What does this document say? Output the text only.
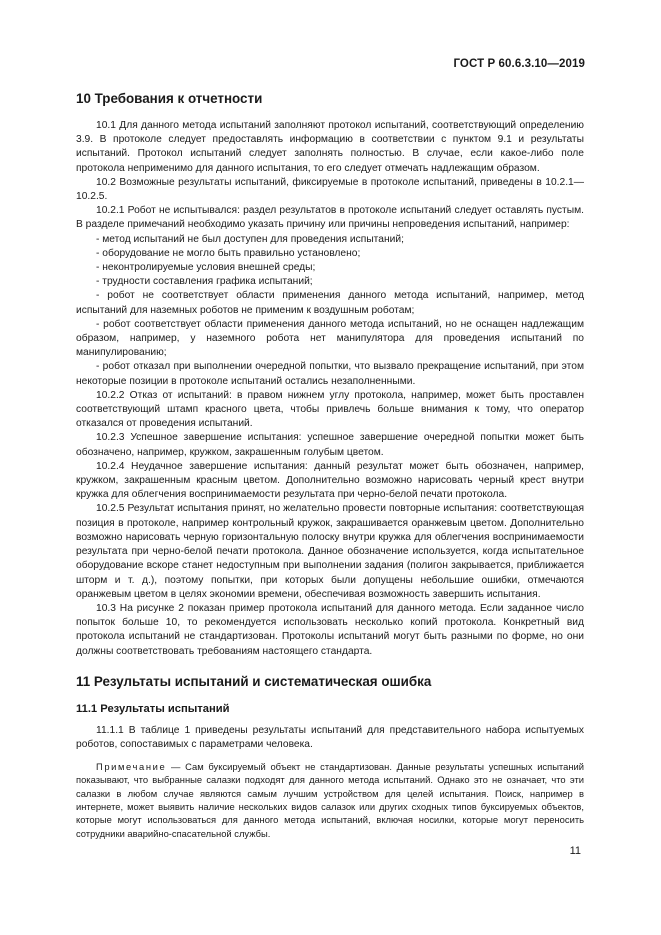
ГОСТ Р 60.6.3.10—2019
10 Требования к отчетности

10.1 Для данного метода испытаний заполняют протокол испытаний, соответствующий определению 3.9. В протоколе следует предоставлять информацию в соответствии с пунктом 9.1 и результаты испытаний. Протокол испытаний следует заполнять полностью. В случае, если какое-либо поле протокола неприменимо для данного испытания, то его следует отмечать надлежащим образом.

10.2 Возможные результаты испытаний, фиксируемые в протоколе испытаний, приведены в 10.2.1—10.2.5.

10.2.1 Робот не испытывался: раздел результатов в протоколе испытаний следует оставлять пустым. В разделе примечаний необходимо указать причину или причины непроведения испытаний, например:

- метод испытаний не был доступен для проведения испытаний;
- оборудование не могло быть правильно установлено;
- неконтролируемые условия внешней среды;
- трудности составления графика испытаний;
- робот не соответствует области применения данного метода испытаний, например, метод испытаний для наземных роботов не применим к воздушным роботам;
- робот соответствует области применения данного метода испытаний, но не оснащен надлежащим образом, например, у наземного робота нет манипулятора для проведения испытаний по манипулированию;
- робот отказал при выполнении очередной попытки, что вызвало прекращение испытаний, при этом некоторые позиции в протоколе испытаний остались незаполненными.

10.2.2 Отказ от испытаний: в правом нижнем углу протокола, например, может быть проставлен соответствующий штамп красного цвета, чтобы привлечь больше внимания к тому, что оператор отказался от проведения испытаний.

10.2.3 Успешное завершение испытания: успешное завершение очередной попытки может быть обозначено, например, кружком, закрашенным голубым цветом.

10.2.4 Неудачное завершение испытания: данный результат может быть обозначен, например, кружком, закрашенным красным цветом. Дополнительно возможно нарисовать черный крест внутри кружка для облегчения воспринимаемости результата при черно-белой печати протокола.

10.2.5 Результат испытания принят, но желательно провести повторные испытания: соответствующая позиция в протоколе, например контрольный кружок, закрашивается оранжевым цветом. Дополнительно возможно нарисовать черную горизонтальную полоску внутри кружка для облегчения воспринимаемости результата при черно-белой печати протокола. Данное обозначение используется, когда испытательное оборудование вскоре станет недоступным при выполнении задания (полигон закрывается, приближается шторм и т. д.), поэтому попытки, при которых были допущены небольшие ошибки, отмечаются оранжевым цветом в целях экономии времени, обеспечивая возможность завершить испытания.

10.3 На рисунке 2 показан пример протокола испытаний для данного метода. Если заданное число попыток больше 10, то рекомендуется использовать несколько копий протокола. Конкретный вид протокола испытаний не стандартизован. Протоколы испытаний могут быть разными по форме, но они должны соответствовать требованиям настоящего стандарта.

11 Результаты испытаний и систематическая ошибка
11.1 Результаты испытаний

11.1.1 В таблице 1 приведены результаты испытаний для представительного набора испытуемых роботов, сопоставимых с параметрами человека.

Примечание — Сам буксируемый объект не стандартизован. Данные результаты успешных испытаний показывают, что выбранные салазки подходят для данного метода испытаний. Однако это не означает, что эти салазки в любом случае являются самым лучшим устройством для целей испытания. Поиск, например в интернете, может выявить наличие нескольких видов салазок или других сходных типов буксируемых объектов, которые могут использоваться для данного метода испытаний, включая носилки, которые могут переносить сотрудники аварийно-спасательной службы.
11
